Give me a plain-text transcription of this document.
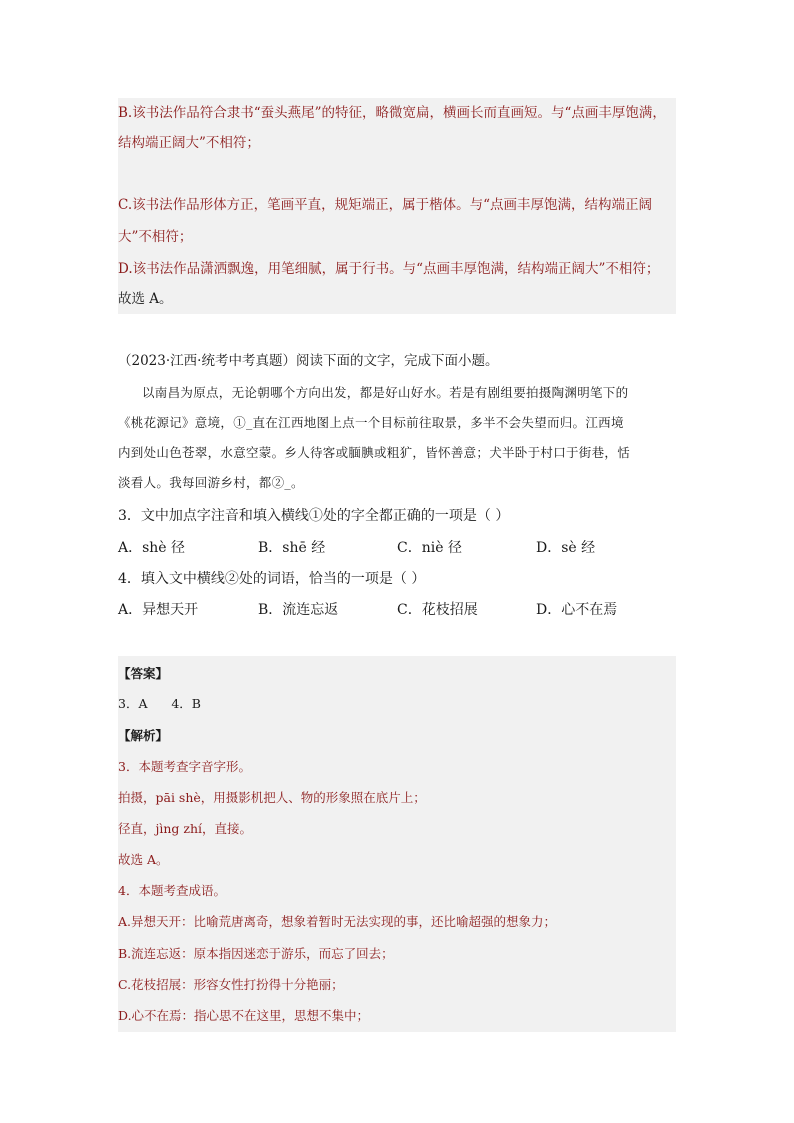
B.该书法作品符合隶书“蚕头燕尾”的特征，略微宽扁，横画长而直画短。与“点画丰厚饱满，
结构端正阔大”不相符；
C.该书法作品形体方正，笔画平直，规矩端正，属于楷体。与“点画丰厚饱满，结构端正阔
大”不相符；
D.该书法作品潇洒飘逸，用笔细腻，属于行书。与“点画丰厚饱满，结构端正阔大”不相符；
故选 A。
（2023·江西·统考中考真题）阅读下面的文字，完成下面小题。
以南昌为原点，无论朝哪个方向出发，都是好山好水。若是有剧组要拍摄陶渊明笔下的
《桃花源记》意境，①_直在江西地图上点一个目标前往取景，多半不会失望而归。江西境
内到处山色苍翠，水意空蒙。乡人待客或腼腆或粗犷，皆怀善意；犬半卧于村口于街巷，恬
淡看人。我每回游乡村，都②_。
3．文中加点字注音和填入横线①处的字全都正确的一项是（ ）
A．shè 径	B．shē 经	C．niè 径	D．sè 经
4．填入文中横线②处的词语，恰当的一项是（ ）
A．异想天开	B．流连忘返	C．花枝招展	D．心不在焉
【答案】
3．A      4．B
【解析】
3．本题考查字音字形。
拍摄，pāi shè，用摄影机把人、物的形象照在底片上；
径直，jìng zhí，直接。
故选 A。
4．本题考查成语。
A.异想天开：比喻荒唐离奇，想象着暂时无法实现的事，还比喻超强的想象力；
B.流连忘返：原本指因迷恋于游乐，而忘了回去；
C.花枝招展：形容女性打扮得十分艳丽；
D.心不在焉：指心思不在这里，思想不集中；
